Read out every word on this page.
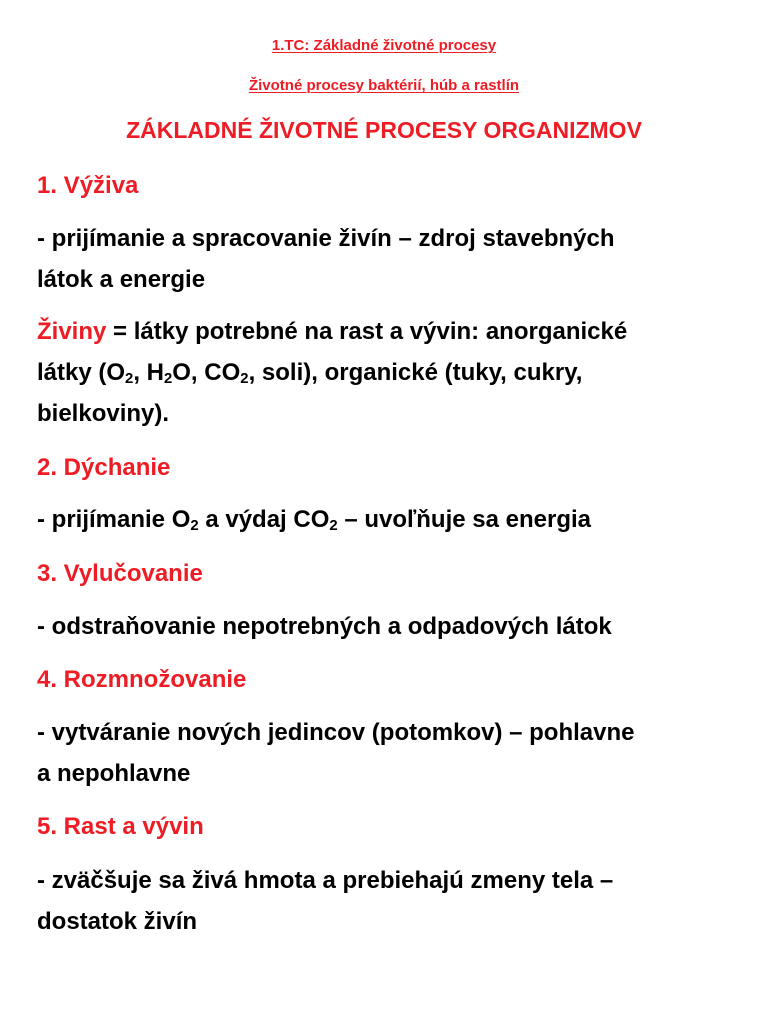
1.TC: Základné životné procesy
Životné procesy baktérií, húb a rastlín
ZÁKLADNÉ ŽIVOTNÉ PROCESY ORGANIZMOV
1. Výživa
- prijímanie a spracovanie živín – zdroj stavebných
látok a energie
Živiny = látky potrebné na rast a vývin: anorganické
látky ($O_2$, $H_2O$, $CO_2$, soli), organické (tuky, cukry,
bielkoviny).
2. Dýchanie
- prijímanie $O_2$ a výdaj $CO_2$ – uvoľňuje sa energia
3. Vylučovanie
- odstraňovanie nepotrebných a odpadových látok
4. Rozmnožovanie
- vytváranie nových jedincov (potomkov) – pohlavne
a nepohlavne
5. Rast a vývin
- zväčšuje sa živá hmota a prebiehajú zmeny tela –
dostatok živín
